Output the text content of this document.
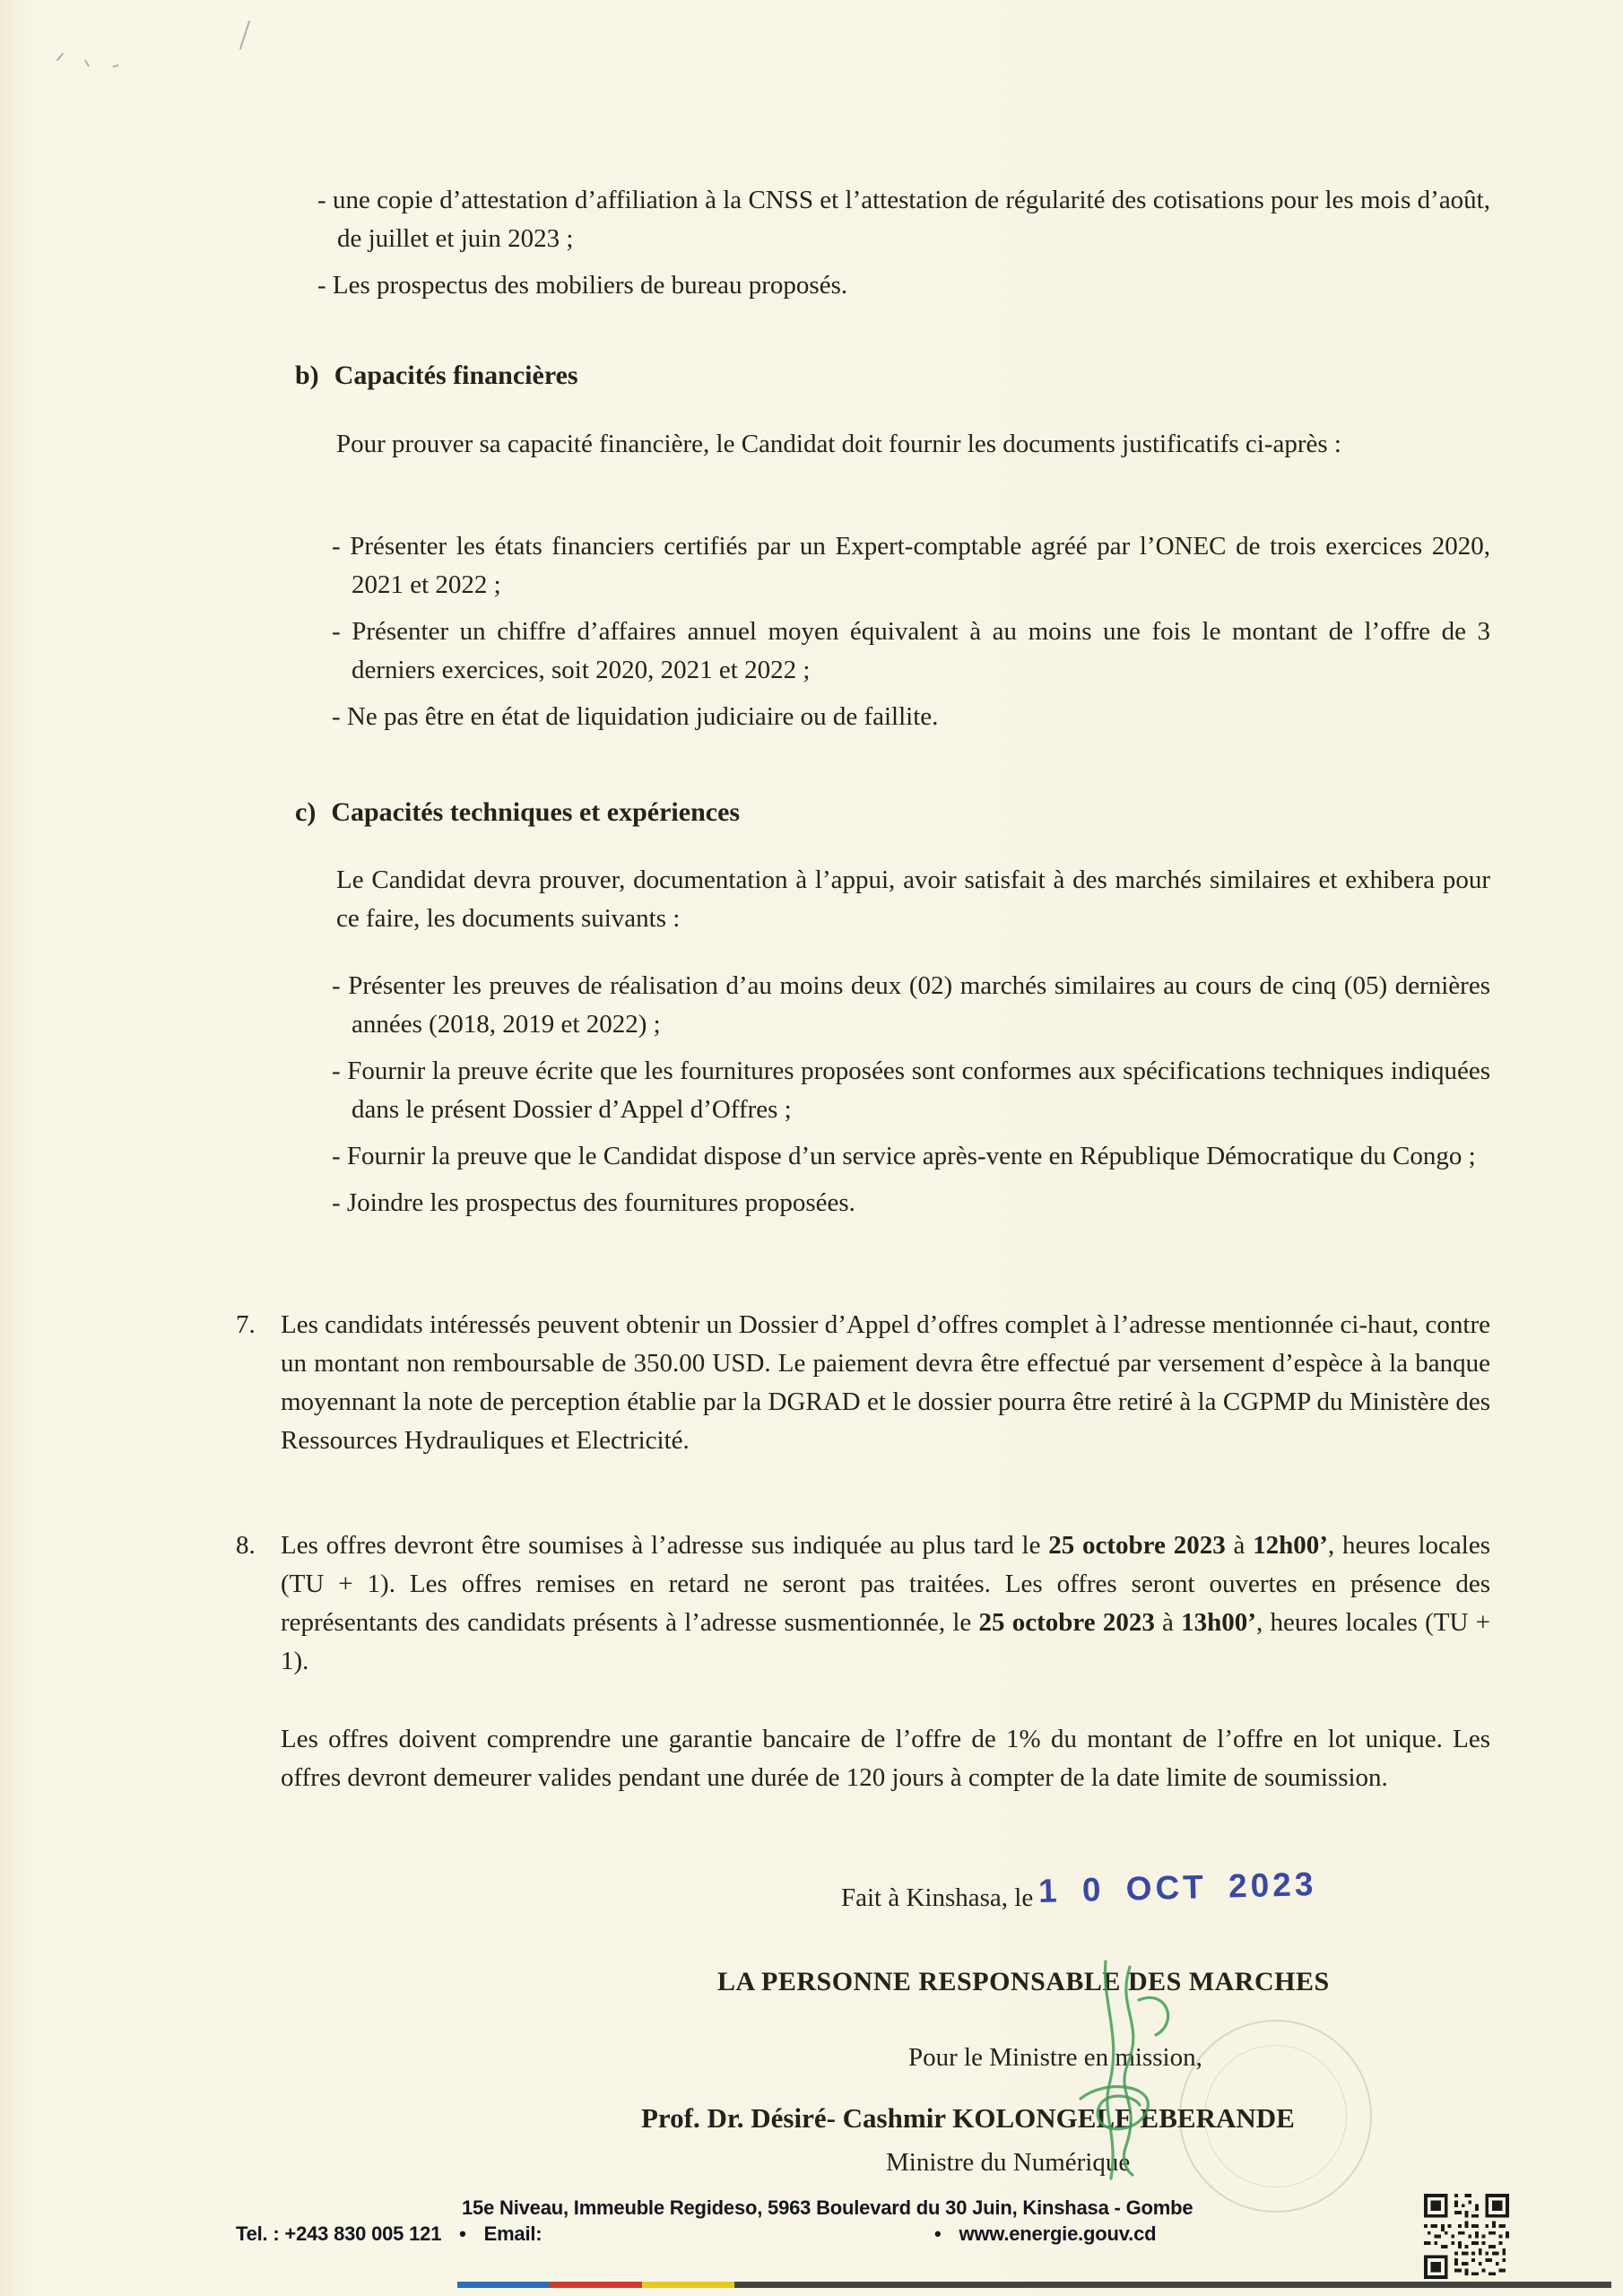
- une copie d’attestation d’affiliation à la CNSS et l’attestation de régularité des cotisations pour les mois d’août, de juillet et juin 2023 ;

- Les prospectus des mobiliers de bureau proposés.

b) Capacités financières

Pour prouver sa capacité financière, le Candidat doit fournir les documents justificatifs ci-après :

- Présenter les états financiers certifiés par un Expert-comptable agréé par l’ONEC de trois exercices 2020, 2021 et 2022 ;

- Présenter un chiffre d’affaires annuel moyen équivalent à au moins une fois le montant de l’offre de 3 derniers exercices, soit 2020, 2021 et 2022 ;

- Ne pas être en état de liquidation judiciaire ou de faillite.

c) Capacités techniques et expériences

Le Candidat devra prouver, documentation à l’appui, avoir satisfait à des marchés similaires et exhibera pour ce faire, les documents suivants :

- Présenter les preuves de réalisation d’au moins deux (02) marchés similaires au cours de cinq (05) dernières années (2018, 2019 et 2022) ;

- Fournir la preuve écrite que les fournitures proposées sont conformes aux spécifications techniques indiquées dans le présent Dossier d’Appel d’Offres ;

- Fournir la preuve que le Candidat dispose d’un service après-vente en République Démocratique du Congo ;

- Joindre les prospectus des fournitures proposées.

7. Les candidats intéressés peuvent obtenir un Dossier d’Appel d’offres complet à l’adresse mentionnée ci-haut, contre un montant non remboursable de 350.00 USD. Le paiement devra être effectué par versement d’espèce à la banque moyennant la note de perception établie par la DGRAD et le dossier pourra être retiré à la CGPMP du Ministère des Ressources Hydrauliques et Electricité.

8. Les offres devront être soumises à l’adresse sus indiquée au plus tard le 25 octobre 2023 à 12h00’, heures locales (TU + 1). Les offres remises en retard ne seront pas traitées. Les offres seront ouvertes en présence des représentants des candidats présents à l’adresse susmentionnée, le 25 octobre 2023 à 13h00’, heures locales (TU + 1).

Les offres doivent comprendre une garantie bancaire de l’offre de 1% du montant de l’offre en lot unique. Les offres devront demeurer valides pendant une durée de 120 jours à compter de la date limite de soumission.

Fait à Kinshasa, le 1 0 OCT 2023
LA PERSONNE RESPONSABLE DES MARCHES
Pour le Ministre en mission,
Prof. Dr. Désiré- Cashmir KOLONGELE EBERANDE
Ministre du Numérique
15e Niveau, Immeuble Regideso, 5963 Boulevard du 30 Juin, Kinshasa - Gombe
Tel. : +243 830 005 121 • Email:	• www.energie.gouv.cd
